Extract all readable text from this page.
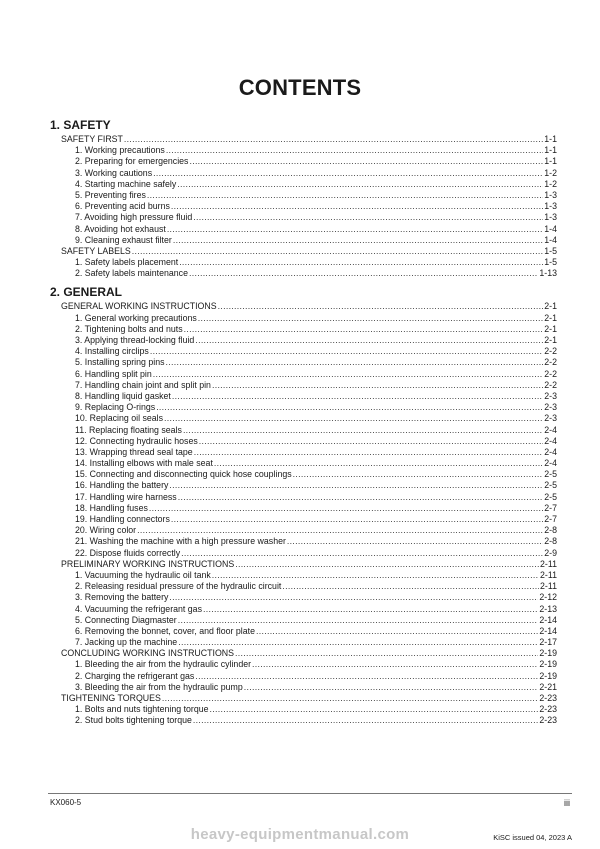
CONTENTS
1. SAFETY
SAFETY FIRST .....	1-1
1. Working precautions .....	1-1
2. Preparing for emergencies .....	1-1
3. Working cautions .....	1-2
4. Starting machine safely .....	1-2
5. Preventing fires .....	1-3
6. Preventing acid burns .....	1-3
7. Avoiding high pressure fluid .....	1-3
8. Avoiding hot exhaust .....	1-4
9. Cleaning exhaust filter .....	1-4
SAFETY LABELS .....	1-5
1. Safety labels placement .....	1-5
2. Safety labels maintenance .....	1-13
2. GENERAL
GENERAL WORKING INSTRUCTIONS .....	2-1
1. General working precautions .....	2-1
2. Tightening bolts and nuts .....	2-1
3. Applying thread-locking fluid .....	2-1
4. Installing circlips .....	2-2
5. Installing spring pins .....	2-2
6. Handling split pin .....	2-2
7. Handling chain joint and split pin .....	2-2
8. Handling liquid gasket .....	2-3
9. Replacing O-rings .....	2-3
10. Replacing oil seals .....	2-3
11. Replacing floating seals .....	2-4
12. Connecting hydraulic hoses .....	2-4
13. Wrapping thread seal tape .....	2-4
14. Installing elbows with male seat .....	2-4
15. Connecting and disconnecting quick hose couplings .....	2-5
16. Handling the battery .....	2-5
17. Handling wire harness .....	2-5
18. Handling fuses .....	2-7
19. Handling connectors .....	2-7
20. Wiring color .....	2-8
21. Washing the machine with a high pressure washer .....	2-8
22. Dispose fluids correctly .....	2-9
PRELIMINARY WORKING INSTRUCTIONS .....	2-11
1. Vacuuming the hydraulic oil tank .....	2-11
2. Releasing residual pressure of the hydraulic circuit .....	2-11
3. Removing the battery .....	2-12
4. Vacuuming the refrigerant gas .....	2-13
5. Connecting Diagmaster .....	2-14
6. Removing the bonnet, cover, and floor plate .....	2-14
7. Jacking up the machine .....	2-17
CONCLUDING WORKING INSTRUCTIONS .....	2-19
1. Bleeding the air from the hydraulic cylinder .....	2-19
2. Charging the refrigerant gas .....	2-19
3. Bleeding the air from the hydraulic pump .....	2-21
TIGHTENING TORQUES .....	2-23
1. Bolts and nuts tightening torque .....	2-23
2. Stud bolts tightening torque .....	2-23
KX060-5	iii
heavy-equipmentmanual.com	KiSC issued 04, 2023 A
